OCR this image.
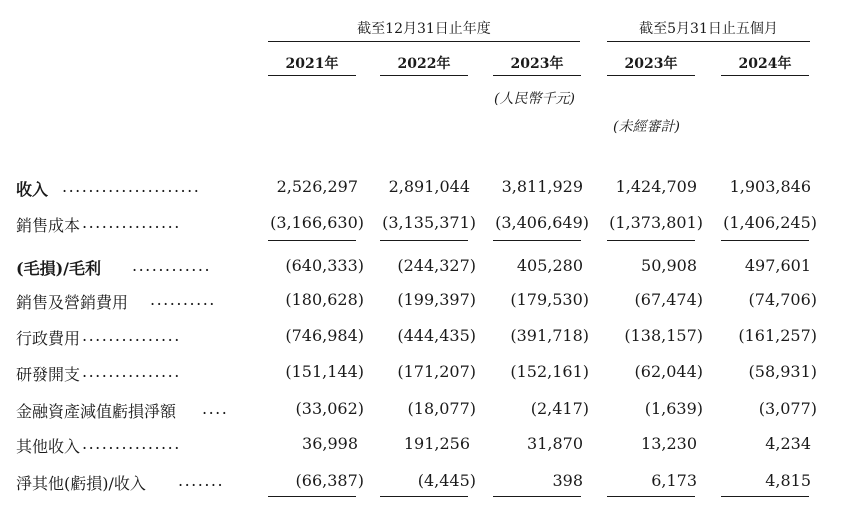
截至12月31日止年度	截至5月31日止五個月
2021年	2022年	2023年	2023年	2024年
(人民幣千元)
(未經審計)
收入 .....................	2,526,297	2,891,044	3,811,929	1,424,709	1,903,846
銷售成本 ...............	(3,166,630)	(3,135,371)	(3,406,649)	(1,373,801)	(1,406,245)
(毛損)/毛利 ............	(640,333)	(244,327)	405,280	50,908	497,601
銷售及營銷費用 ..........	(180,628)	(199,397)	(179,530)	(67,474)	(74,706)
行政費用 ...............	(746,984)	(444,435)	(391,718)	(138,157)	(161,257)
研發開支 ...............	(151,144)	(171,207)	(152,161)	(62,044)	(58,931)
金融資產減值虧損淨額 ....	(33,062)	(18,077)	(2,417)	(1,639)	(3,077)
其他收入 ...............	36,998	191,256	31,870	13,230	4,234
淨其他(虧損)/收入 .......	(66,387)	(4,445)	398	6,173	4,815
